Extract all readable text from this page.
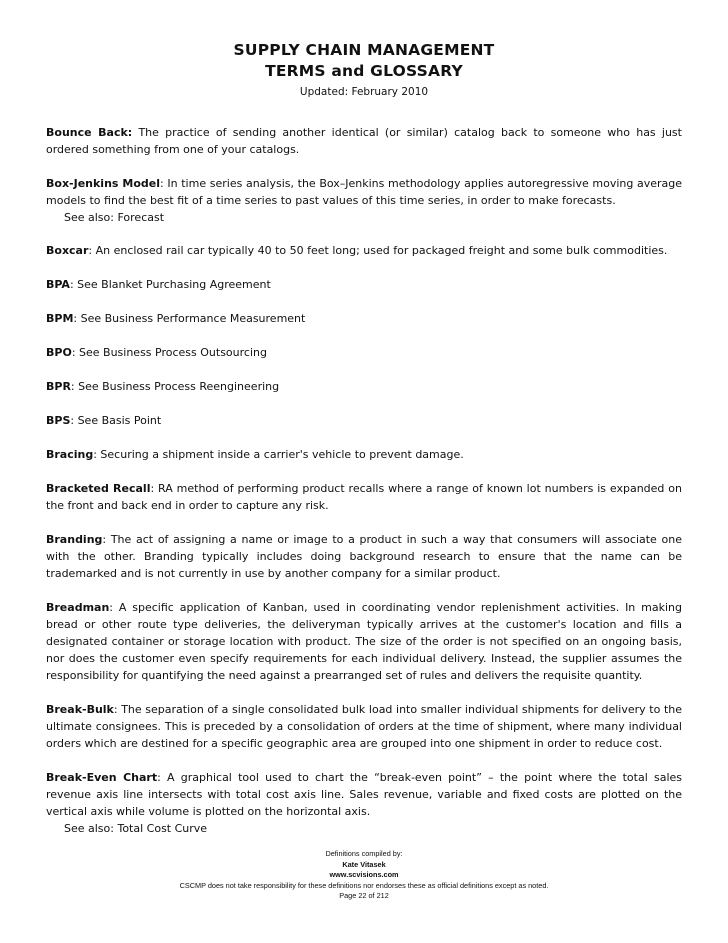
SUPPLY CHAIN MANAGEMENT
TERMS and GLOSSARY
Updated: February 2010

Bounce Back: The practice of sending another identical (or similar) catalog back to someone who has just ordered something from one of your catalogs.

Box-Jenkins Model: In time series analysis, the Box–Jenkins methodology applies autoregressive moving average models to find the best fit of a time series to past values of this time series, in order to make forecasts.

See also: Forecast

Boxcar: An enclosed rail car typically 40 to 50 feet long; used for packaged freight and some bulk commodities.

BPA: See Blanket Purchasing Agreement

BPM: See Business Performance Measurement

BPO: See Business Process Outsourcing

BPR: See Business Process Reengineering

BPS: See Basis Point

Bracing: Securing a shipment inside a carrier's vehicle to prevent damage.

Bracketed Recall: RA method of performing product recalls where a range of known lot numbers is expanded on the front and back end in order to capture any risk.

Branding: The act of assigning a name or image to a product in such a way that consumers will associate one with the other. Branding typically includes doing background research to ensure that the name can be trademarked and is not currently in use by another company for a similar product.

Breadman: A specific application of Kanban, used in coordinating vendor replenishment activities. In making bread or other route type deliveries, the deliveryman typically arrives at the customer's location and fills a designated container or storage location with product. The size of the order is not specified on an ongoing basis, nor does the customer even specify requirements for each individual delivery. Instead, the supplier assumes the responsibility for quantifying the need against a prearranged set of rules and delivers the requisite quantity.

Break-Bulk: The separation of a single consolidated bulk load into smaller individual shipments for delivery to the ultimate consignees. This is preceded by a consolidation of orders at the time of shipment, where many individual orders which are destined for a specific geographic area are grouped into one shipment in order to reduce cost.

Break-Even Chart: A graphical tool used to chart the “break-even point” – the point where the total sales revenue axis line intersects with total cost axis line. Sales revenue, variable and fixed costs are plotted on the vertical axis while volume is plotted on the horizontal axis.

See also: Total Cost Curve
Definitions compiled by:
Kate Vitasek
www.scvisions.com
CSCMP does not take responsibility for these definitions nor endorses these as official definitions except as noted.
Page 22 of 212
